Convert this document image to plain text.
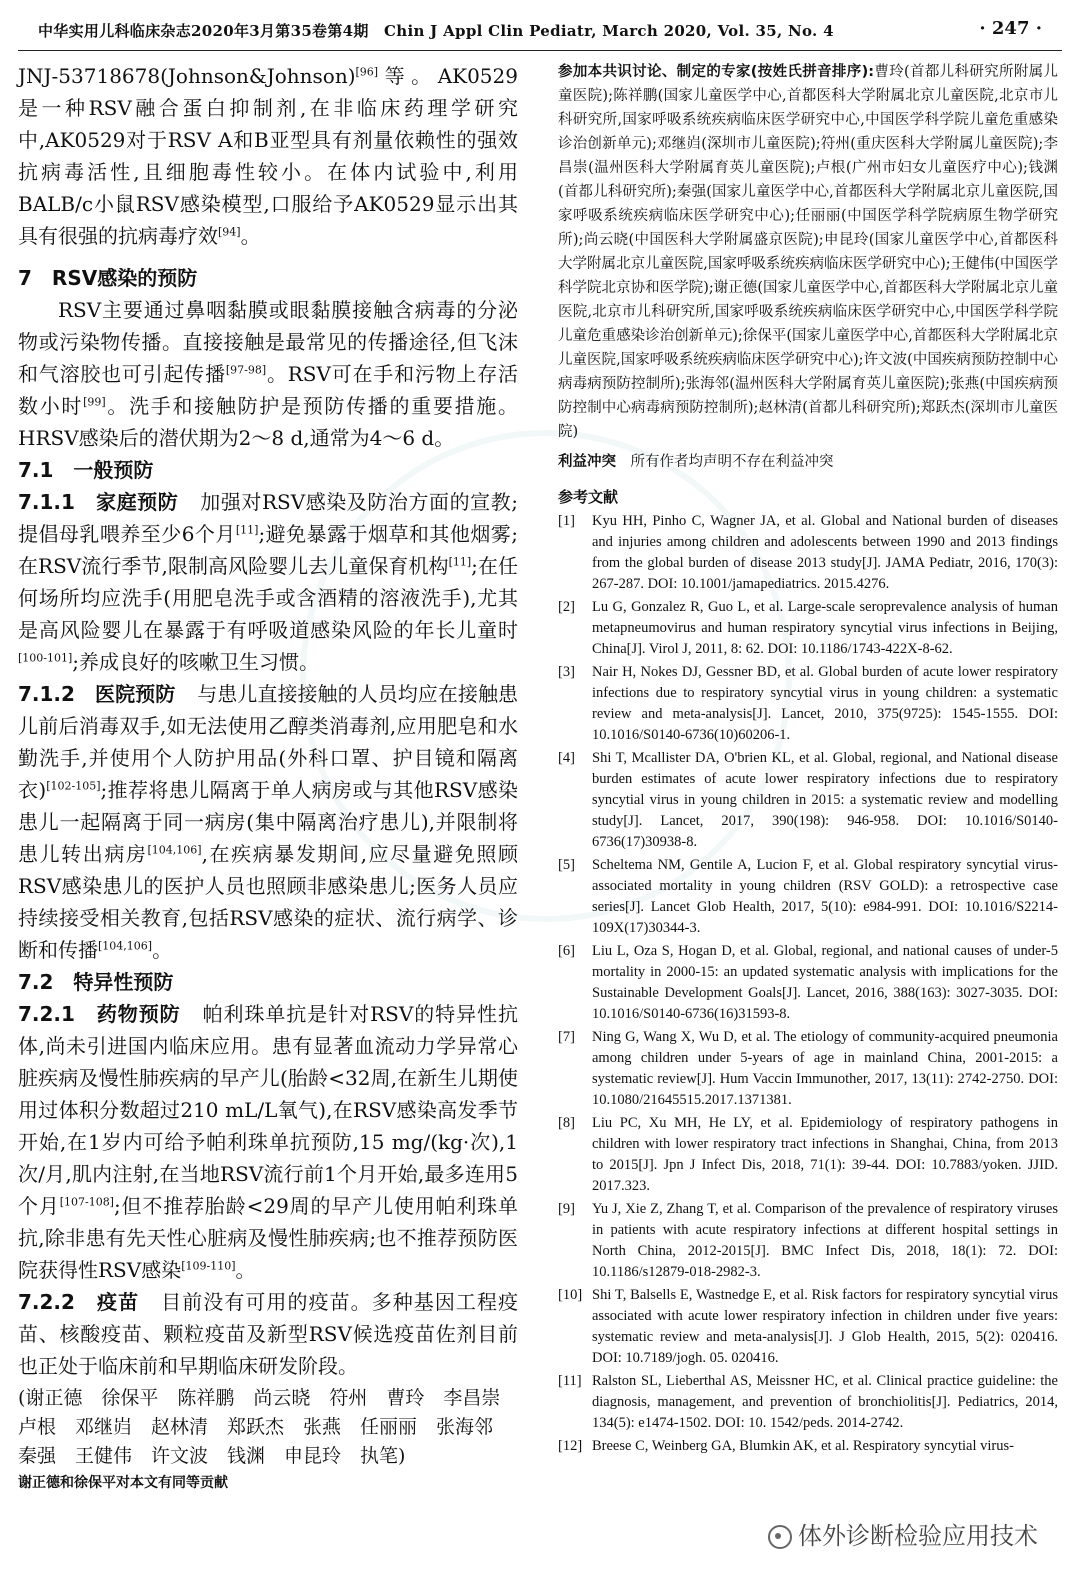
中华实用儿科临床杂志2020年3月第35卷第4期　Chin J Appl Clin Pediatr, March 2020, Vol. 35, No. 4	· 247 ·

JNJ-53718678(Johnson&Johnson)[96]等。AK0529是一种RSV融合蛋白抑制剂,在非临床药理学研究中,AK0529对于RSV A和B亚型具有剂量依赖性的强效抗病毒活性,且细胞毒性较小。在体内试验中,利用BALB/c小鼠RSV感染模型,口服给予AK0529显示出其具有很强的抗病毒疗效[94]。

7　RSV感染的预防

RSV主要通过鼻咽黏膜或眼黏膜接触含病毒的分泌物或污染物传播。直接接触是最常见的传播途径,但飞沫和气溶胶也可引起传播[97-98]。RSV可在手和污物上存活数小时[99]。洗手和接触防护是预防传播的重要措施。HRSV感染后的潜伏期为2～8 d,通常为4～6 d。

7.1　一般预防

7.1.1　家庭预防 加强对RSV感染及防治方面的宣教;提倡母乳喂养至少6个月[11];避免暴露于烟草和其他烟雾;在RSV流行季节,限制高风险婴儿去儿童保育机构[11];在任何场所均应洗手(用肥皂洗手或含酒精的溶液洗手),尤其是高风险婴儿在暴露于有呼吸道感染风险的年长儿童时[100-101];养成良好的咳嗽卫生习惯。

7.1.2　医院预防 与患儿直接接触的人员均应在接触患儿前后消毒双手,如无法使用乙醇类消毒剂,应用肥皂和水勤洗手,并使用个人防护用品(外科口罩、护目镜和隔离衣)[102-105];推荐将患儿隔离于单人病房或与其他RSV感染患儿一起隔离于同一病房(集中隔离治疗患儿),并限制将患儿转出病房[104,106],在疾病暴发期间,应尽量避免照顾RSV感染患儿的医护人员也照顾非感染患儿;医务人员应持续接受相关教育,包括RSV感染的症状、流行病学、诊断和传播[104,106]。

7.2　特异性预防

7.2.1　药物预防 帕利珠单抗是针对RSV的特异性抗体,尚未引进国内临床应用。患有显著血流动力学异常心脏疾病及慢性肺疾病的早产儿(胎龄<32周,在新生儿期使用过体积分数超过210 mL/L氧气),在RSV感染高发季节开始,在1岁内可给予帕利珠单抗预防,15 mg/(kg·次),1次/月,肌内注射,在当地RSV流行前1个月开始,最多连用5个月[107-108];但不推荐胎龄<29周的早产儿使用帕利珠单抗,除非患有先天性心脏病及慢性肺疾病;也不推荐预防医院获得性RSV感染[109-110]。

7.2.2　疫苗 目前没有可用的疫苗。多种基因工程疫苗、核酸疫苗、颗粒疫苗及新型RSV候选疫苗佐剂目前也正处于临床前和早期临床研发阶段。

(谢正德　徐保平　陈祥鹏　尚云晓　符州　曹玲　李昌崇

卢根　邓继岿　赵林清　郑跃杰　张燕　任丽丽　张海邻

秦强　王健伟　许文波　钱渊　申昆玲　执笔)

谢正德和徐保平对本文有同等贡献

参加本共识讨论、制定的专家(按姓氏拼音排序):曹玲(首都儿科研究所附属儿童医院);陈祥鹏(国家儿童医学中心,首都医科大学附属北京儿童医院,北京市儿科研究所,国家呼吸系统疾病临床医学研究中心,中国医学科学院儿童危重感染诊治创新单元);邓继岿(深圳市儿童医院);符州(重庆医科大学附属儿童医院);李昌崇(温州医科大学附属育英儿童医院);卢根(广州市妇女儿童医疗中心);钱渊(首都儿科研究所);秦强(国家儿童医学中心,首都医科大学附属北京儿童医院,国家呼吸系统疾病临床医学研究中心);任丽丽(中国医学科学院病原生物学研究所);尚云晓(中国医科大学附属盛京医院);申昆玲(国家儿童医学中心,首都医科大学附属北京儿童医院,国家呼吸系统疾病临床医学研究中心);王健伟(中国医学科学院北京协和医学院);谢正德(国家儿童医学中心,首都医科大学附属北京儿童医院,北京市儿科研究所,国家呼吸系统疾病临床医学研究中心,中国医学科学院儿童危重感染诊治创新单元);徐保平(国家儿童医学中心,首都医科大学附属北京儿童医院,国家呼吸系统疾病临床医学研究中心);许文波(中国疾病预防控制中心病毒病预防控制所);张海邻(温州医科大学附属育英儿童医院);张燕(中国疾病预防控制中心病毒病预防控制所);赵林清(首都儿科研究所);郑跃杰(深圳市儿童医院)

利益冲突　 所有作者均声明不存在利益冲突

参考文献

[1] Kyu HH, Pinho C, Wagner JA, et al. Global and National burden of diseases and injuries among children and adolescents between 1990 and 2013 findings from the global burden of disease 2013 study[J]. JAMA Pediatr, 2016, 170(3): 267-287. DOI: 10.1001/jamapediatrics. 2015.4276.

[2] Lu G, Gonzalez R, Guo L, et al. Large-scale seroprevalence analysis of human metapneumovirus and human respiratory syncytial virus infections in Beijing, China[J]. Virol J, 2011, 8: 62. DOI: 10.1186/1743-422X-8-62.

[3] Nair H, Nokes DJ, Gessner BD, et al. Global burden of acute lower respiratory infections due to respiratory syncytial virus in young children: a systematic review and meta-analysis[J]. Lancet, 2010, 375(9725): 1545-1555. DOI: 10.1016/S0140-6736(10)60206-1.

[4] Shi T, Mcallister DA, O'brien KL, et al. Global, regional, and National disease burden estimates of acute lower respiratory infections due to respiratory syncytial virus in young children in 2015: a systematic review and modelling study[J]. Lancet, 2017, 390(198): 946-958. DOI: 10.1016/S0140-6736(17)30938-8.

[5] Scheltema NM, Gentile A, Lucion F, et al. Global respiratory syncytial virus-associated mortality in young children (RSV GOLD): a retrospective case series[J]. Lancet Glob Health, 2017, 5(10): e984-991. DOI: 10.1016/S2214-109X(17)30344-3.

[6] Liu L, Oza S, Hogan D, et al. Global, regional, and national causes of under-5 mortality in 2000-15: an updated systematic analysis with implications for the Sustainable Development Goals[J]. Lancet, 2016, 388(163): 3027-3035. DOI: 10.1016/S0140-6736(16)31593-8.

[7] Ning G, Wang X, Wu D, et al. The etiology of community-acquired pneumonia among children under 5-years of age in mainland China, 2001-2015: a systematic review[J]. Hum Vaccin Immunother, 2017, 13(11): 2742-2750. DOI: 10.1080/21645515.2017.1371381.

[8] Liu PC, Xu MH, He LY, et al. Epidemiology of respiratory pathogens in children with lower respiratory tract infections in Shanghai, China, from 2013 to 2015[J]. Jpn J Infect Dis, 2018, 71(1): 39-44. DOI: 10.7883/yoken. JJID. 2017.323.

[9] Yu J, Xie Z, Zhang T, et al. Comparison of the prevalence of respiratory viruses in patients with acute respiratory infections at different hospital settings in North China, 2012-2015[J]. BMC Infect Dis, 2018, 18(1): 72. DOI: 10.1186/s12879-018-2982-3.

[10] Shi T, Balsells E, Wastnedge E, et al. Risk factors for respiratory syncytial virus associated with acute lower respiratory infection in children under five years: systematic review and meta-analysis[J]. J Glob Health, 2015, 5(2): 020416. DOI: 10.7189/jogh. 05. 020416.

[11] Ralston SL, Lieberthal AS, Meissner HC, et al. Clinical practice guideline: the diagnosis, management, and prevention of bronchiolitis[J]. Pediatrics, 2014, 134(5): e1474-1502. DOI: 10. 1542/peds. 2014-2742.

[12] Breese C, Weinberg GA, Blumkin AK, et al. Respiratory syncytial virus-

体外诊断检验应用技术
